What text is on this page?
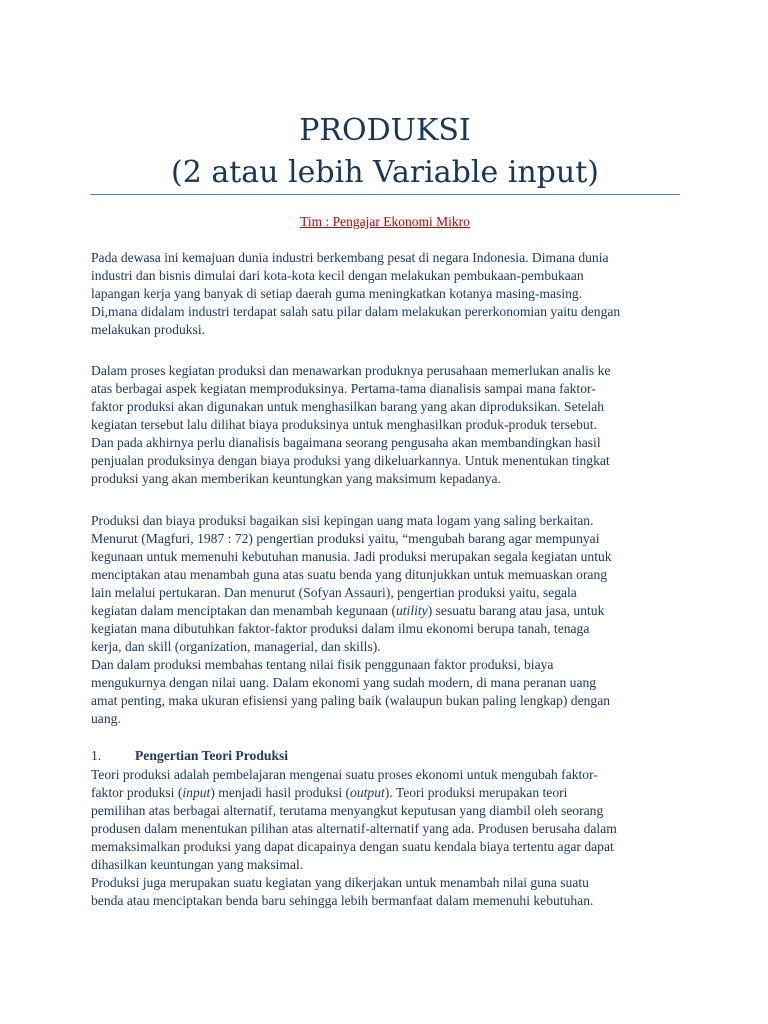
PRODUKSI
(2 atau lebih Variable input)
Tim : Pengajar Ekonomi Mikro
Pada dewasa ini kemajuan dunia industri berkembang pesat di negara Indonesia. Dimana dunia
industri dan bisnis dimulai dari kota-kota kecil dengan melakukan pembukaan-pembukaan
lapangan kerja yang banyak di setiap daerah guma meningkatkan kotanya masing-masing.
Di,mana didalam industri terdapat salah satu pilar dalam melakukan pererkonomian yaitu dengan
melakukan produksi.
Dalam proses kegiatan produksi dan menawarkan produknya perusahaan memerlukan analis ke
atas berbagai aspek kegiatan memproduksinya. Pertama-tama dianalisis sampai mana faktor-
faktor produksi akan digunakan untuk menghasilkan barang yang akan diproduksikan. Setelah
kegiatan tersebut lalu dilihat biaya produksinya untuk menghasilkan produk-produk tersebut.
Dan pada akhirnya perlu dianalisis bagaimana seorang pengusaha akan membandingkan hasil
penjualan produksinya dengan biaya produksi yang dikeluarkannya. Untuk menentukan tingkat
produksi yang akan memberikan keuntungkan yang maksimum kepadanya.
Produksi dan biaya produksi bagaikan sisi kepingan uang mata logam yang saling berkaitan.
Menurut (Magfuri, 1987 : 72) pengertian produksi yaitu, “mengubah barang agar mempunyai
kegunaan untuk memenuhi kebutuhan manusia. Jadi produksi merupakan segala kegiatan untuk
menciptakan atau menambah guna atas suatu benda yang ditunjukkan untuk memuaskan orang
lain melalui pertukaran. Dan menurut (Sofyan Assauri), pengertian produksi yaitu, segala
kegiatan dalam menciptakan dan menambah kegunaan (utility) sesuatu barang atau jasa, untuk
kegiatan mana dibutuhkan faktor-faktor produksi dalam ilmu ekonomi berupa tanah, tenaga
kerja, dan skill (organization, managerial, dan skills).
Dan dalam produksi membahas tentang nilai fisik penggunaan faktor produksi, biaya
mengukurnya dengan nilai uang. Dalam ekonomi yang sudah modern, di mana peranan uang
amat penting, maka ukuran efisiensi yang paling baik (walaupun bukan paling lengkap) dengan
uang.
1. Pengertian Teori Produksi
Teori produksi adalah pembelajaran mengenai suatu proses ekonomi untuk mengubah faktor-
faktor produksi (input) menjadi hasil produksi (output). Teori produksi merupakan teori
pemilihan atas berbagai alternatif, terutama menyangkut keputusan yang diambil oleh seorang
produsen dalam menentukan pilihan atas alternatif-alternatif yang ada. Produsen berusaha dalam
memaksimalkan produksi yang dapat dicapainya dengan suatu kendala biaya tertentu agar dapat
dihasilkan keuntungan yang maksimal.
Produksi juga merupakan suatu kegiatan yang dikerjakan untuk menambah nilai guna suatu
benda atau menciptakan benda baru sehingga lebih bermanfaat dalam memenuhi kebutuhan.
